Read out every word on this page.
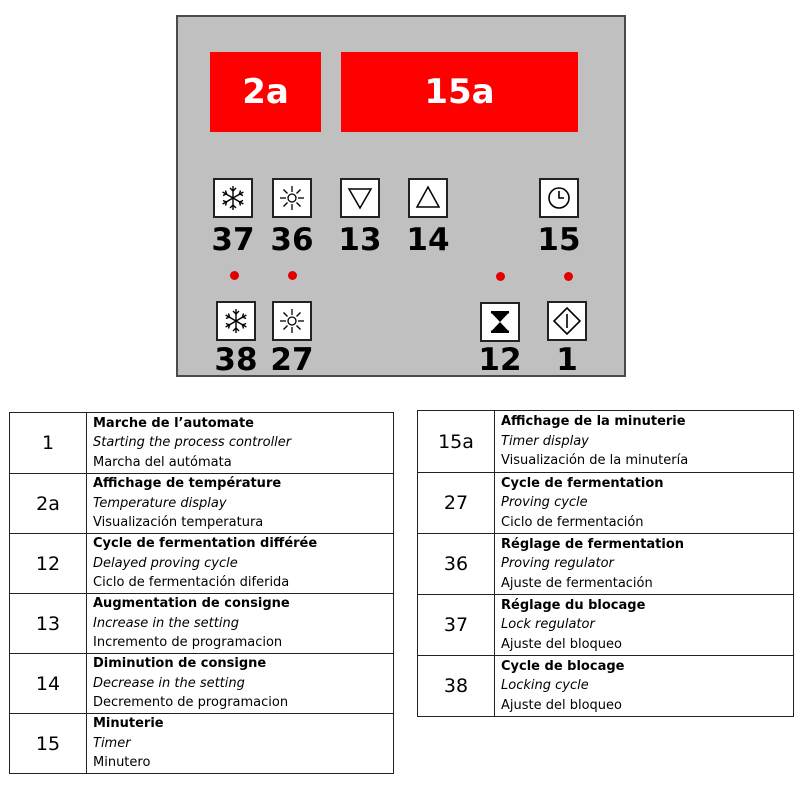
2a	15a
37 36 13 14	15
38 27	12	1
1	Marche de l’automate
Starting the process controller
Marcha del autómata

2a	Affichage de température
Temperature display
Visualización temperatura

12	Cycle de fermentation différée
Delayed proving cycle
Ciclo de fermentación diferida

13	Augmentation de consigne
Increase in the setting
Incremento de programacion

14	Diminution de consigne
Decrease in the setting
Decremento de programacion

15	Minuterie
Timer
Minutero
15a	Affichage de la minuterie
Timer display
Visualización de la minutería

27	Cycle de fermentation
Proving cycle
Ciclo de fermentación

36	Réglage de fermentation
Proving regulator
Ajuste de fermentación

37	Réglage du blocage
Lock regulator
Ajuste del bloqueo

38	Cycle de blocage
Locking cycle
Ajuste del bloqueo
